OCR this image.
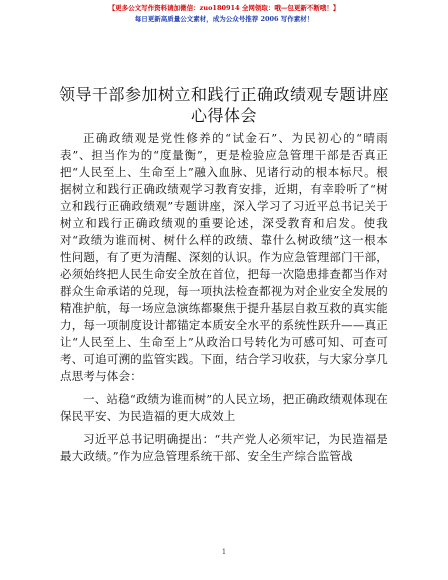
【更多公文写作资料请加微信：zuo180914 全网领取：哦—包更新不断哦！】
每日更新高质量公文素材，成为公众号推荐 2006 写作素材！
领导干部参加树立和践行正确政绩观专题讲座
心得体会

正确政绩观是党性修养的“试金石”、为民初心的“晴雨表”、担当作为的“度量衡”，更是检验应急管理干部是否真正把“人民至上、生命至上”融入血脉、见诸行动的根本标尺。根据树立和践行正确政绩观学习教育安排，近期，有幸聆听了“树立和践行正确政绩观”专题讲座，深入学习了习近平总书记关于树立和践行正确政绩观的重要论述，深受教育和启发。使我对“政绩为谁而树、树什么样的政绩、靠什么树政绩”这一根本性问题，有了更为清醒、深刻的认识。作为应急管理部门干部，必须始终把人民生命安全放在首位，把每一次隐患排查都当作对群众生命承诺的兑现，每一项执法检查都视为对企业安全发展的精准护航，每一场应急演练都聚焦于提升基层自救互救的真实能力，每一项制度设计都锚定本质安全水平的系统性跃升——真正让“人民至上、生命至上”从政治口号转化为可感可知、可查可考、可追可溯的监管实践。下面，结合学习收获，与大家分享几点思考与体会：

一、站稳“政绩为谁而树”的人民立场，把正确政绩观体现在保民平安、为民造福的更大成效上

习近平总书记明确提出：“共产党人必须牢记，为民造福是最大政绩。”作为应急管理系统干部、安全生产综合监管战

1
